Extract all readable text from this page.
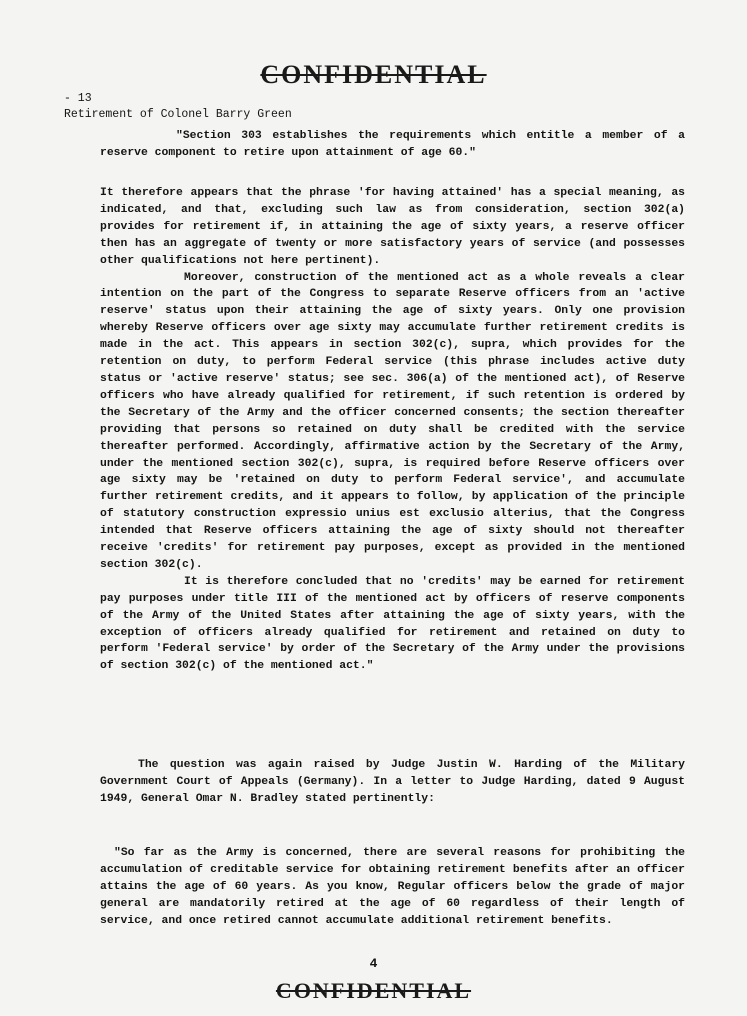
CONFIDENTIAL
- 13
Retirement of Colonel Barry Green

"Section 303 establishes the requirements which entitle a member of a reserve component to retire upon attainment of age 60."

It therefore appears that the phrase 'for having attained' has a special meaning, as indicated, and that, excluding such law as from consideration, section 302(a) provides for retirement if, in attaining the age of sixty years, a reserve officer then has an aggregate of twenty or more satisfactory years of service (and possesses other qualifications not here pertinent).

Moreover, construction of the mentioned act as a whole reveals a clear intention on the part of the Congress to separate Reserve officers from an 'active reserve' status upon their attaining the age of sixty years. Only one provision whereby Reserve officers over age sixty may accumulate further retirement credits is made in the act. This appears in section 302(c), supra, which provides for the retention on duty, to perform Federal service (this phrase includes active duty status or 'active reserve' status; see sec. 306(a) of the mentioned act), of Reserve officers who have already qualified for retirement, if such retention is ordered by the Secretary of the Army and the officer concerned consents; the section thereafter providing that persons so retained on duty shall be credited with the service thereafter performed. Accordingly, affirmative action by the Secretary of the Army, under the mentioned section 302(c), supra, is required before Reserve officers over age sixty may be 'retained on duty to perform Federal service', and accumulate further retirement credits, and it appears to follow, by application of the principle of statutory construction expressio unius est exclusio alterius, that the Congress intended that Reserve officers attaining the age of sixty should not thereafter receive 'credits' for retirement pay purposes, except as provided in the mentioned section 302(c).

It is therefore concluded that no 'credits' may be earned for retirement pay purposes under title III of the mentioned act by officers of reserve components of the Army of the United States after attaining the age of sixty years, with the exception of officers already qualified for retirement and retained on duty to perform 'Federal service' by order of the Secretary of the Army under the provisions of section 302(c) of the mentioned act."

The question was again raised by Judge Justin W. Harding of the Military Government Court of Appeals (Germany). In a letter to Judge Harding, dated 9 August 1949, General Omar N. Bradley stated pertinently:

"So far as the Army is concerned, there are several reasons for prohibiting the accumulation of creditable service for obtaining retirement benefits after an officer attains the age of 60 years. As you know, Regular officers below the grade of major general are mandatorily retired at the age of 60 regardless of their length of service, and once retired cannot accumulate additional retirement benefits.

4
CONFIDENTIAL
